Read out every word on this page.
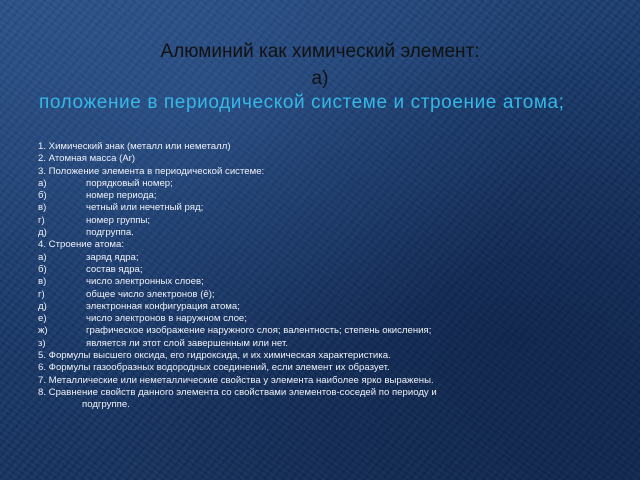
Алюминий как химический элемент:
а)
положение в периодической системе и строение атома;
1. Химический знак (металл или неметалл)
2. Атомная масса (Ar)
3. Положение элемента в периодической системе:
а)	порядковый номер;
б)	номер периода;
в)	четный или нечетный ряд;
г)	номер группы;
д)	подгруппа.
4. Строение атома:
а)	заряд ядра;
б)	состав ядра;
в)	число электронных слоев;
г)	общее число электронов (ē);
д)	электронная конфигурация атома;
е)	число электронов в наружном слое;
ж)	графическое изображение наружного слоя; валентность; степень окисления;
з)	является ли этот слой завершенным или нет.
5. Формулы высшего оксида, его гидроксида, и их химическая характеристика.
6. Формулы газообразных водородных соединений, если элемент их образует.
7. Металлические или неметаллические свойства у элемента наиболее ярко выражены.
8. Сравнение свойств данного элемента со свойствами элементов-соседей по периоду и
подгруппе.
